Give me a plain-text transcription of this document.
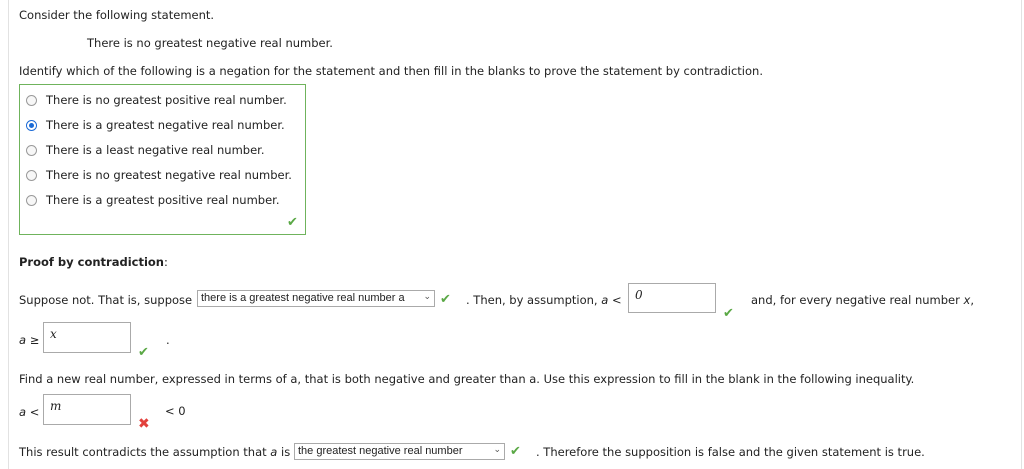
Consider the following statement.
There is no greatest negative real number.
Identify which of the following is a negation for the statement and then fill in the blanks to prove the statement by contradiction.
There is no greatest positive real number.
There is a greatest negative real number.
There is a least negative real number.
There is no greatest negative real number.
There is a greatest positive real number.
✔
Proof by contradiction:
Suppose not. That is, suppose there is a greatest negative real number a ⌄ ✔ . Then, by assumption, a <	0
✔
and, for every negative real number x,
a ≥ x
✔
.
Find a new real number, expressed in terms of a, that is both negative and greater than a. Use this expression to fill in the blank in the following inequality.
a < m
✖
< 0
This result contradicts the assumption that a is the greatest negative real number	⌄ ✔ . Therefore the supposition is false and the given statement is true.
